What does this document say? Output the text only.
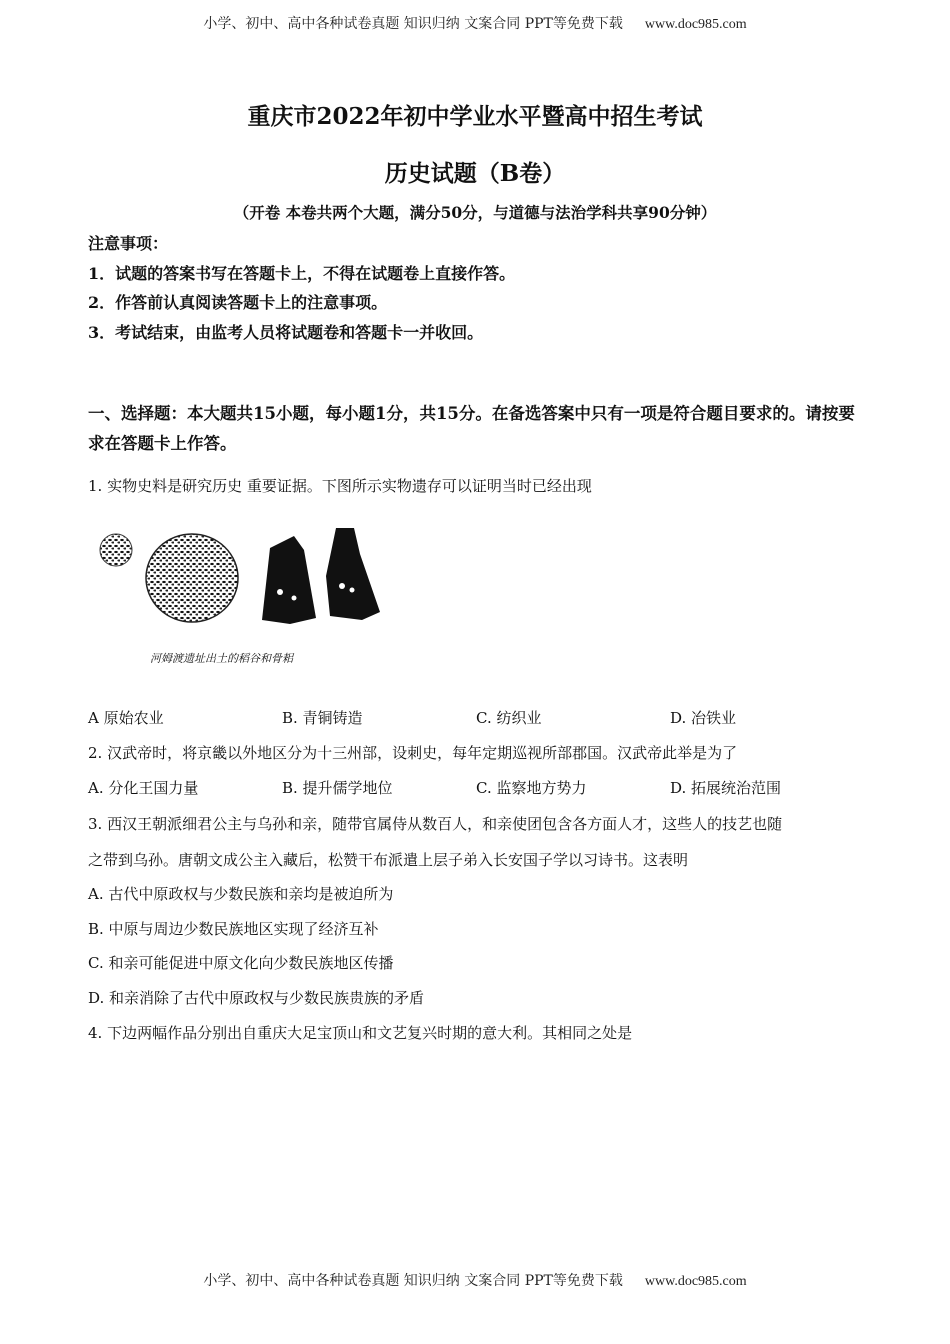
小学、初中、高中各种试卷真题 知识归纳 文案合同 PPT等免费下载 www.doc985.com
重庆市2022年初中学业水平暨高中招生考试
历史试题（B卷）
（开卷 本卷共两个大题，满分50分，与道德与法治学科共享90分钟）
注意事项：
1．试题的答案书写在答题卡上，不得在试题卷上直接作答。
2．作答前认真阅读答题卡上的注意事项。
3．考试结束，由监考人员将试题卷和答题卡一并收回。
一、选择题：本大题共15小题，每小题1分，共15分。在备选答案中只有一项是符合题目要求的。请按要求在答题卡上作答。
1. 实物史料是研究历史 重要证据。下图所示实物遗存可以证明当时已经出现
河姆渡遗址出土的稻谷和骨耜
A 原始农业	B. 青铜铸造	C. 纺织业	D. 冶铁业
2. 汉武帝时，将京畿以外地区分为十三州部，设刺史，每年定期巡视所部郡国。汉武帝此举是为了
A. 分化王国力量	B. 提升儒学地位	C. 监察地方势力	D. 拓展统治范围
3. 西汉王朝派细君公主与乌孙和亲，随带官属侍从数百人，和亲使团包含各方面人才，这些人的技艺也随
之带到乌孙。唐朝文成公主入藏后，松赞干布派遣上层子弟入长安国子学以习诗书。这表明
A. 古代中原政权与少数民族和亲均是被迫所为
B. 中原与周边少数民族地区实现了经济互补
C. 和亲可能促进中原文化向少数民族地区传播
D. 和亲消除了古代中原政权与少数民族贵族的矛盾
4. 下边两幅作品分别出自重庆大足宝顶山和文艺复兴时期的意大利。其相同之处是
小学、初中、高中各种试卷真题 知识归纳 文案合同 PPT等免费下载 www.doc985.com
